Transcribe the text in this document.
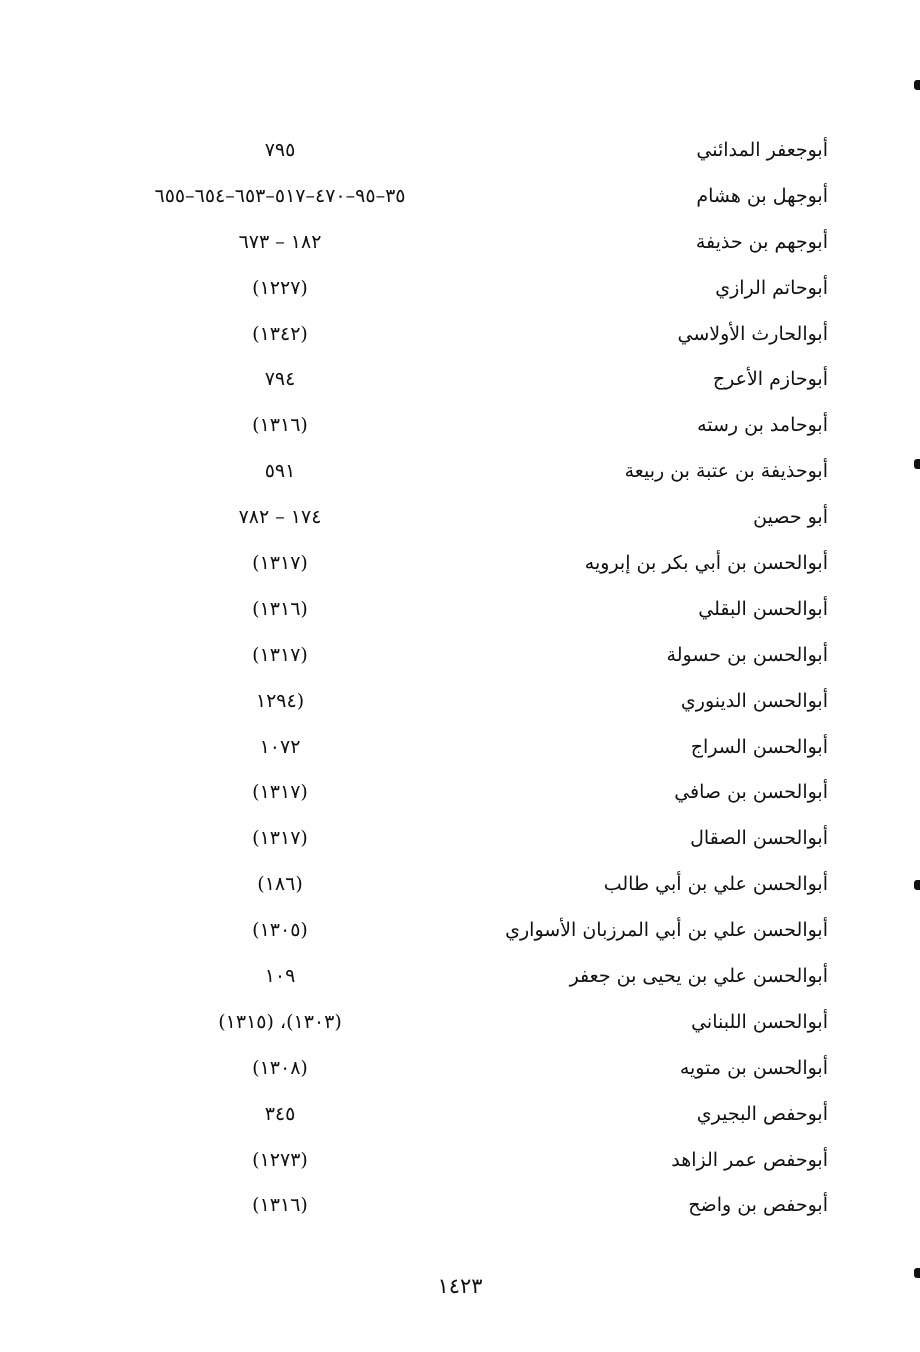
أبوجعفر المدائني
٧٩٥
أبوجهل بن هشام
٣٥–٩٥–٤٧٠–٥١٧–٦٥٣–٦٥٤–٦٥٥
أبوجهم بن حذيفة
١٨٢ – ٦٧٣
أبوحاتم الرازي
(١٢٢٧)
أبوالحارث الأولاسي
(١٣٤٢)
أبوحازم الأعرج
٧٩٤
أبوحامد بن رسته
(١٣١٦)
أبوحذيفة بن عتبة بن ربيعة
٥٩١
أبو حصين
١٧٤ – ٧٨٢
أبوالحسن بن أبي بكر بن إبرويه
(١٣١٧)
أبوالحسن البقلي
(١٣١٦)
أبوالحسن بن حسولة
(١٣١٧)
أبوالحسن الدينوري
(١٢٩٤
أبوالحسن السراج
١٠٧٢
أبوالحسن بن صافي
(١٣١٧)
أبوالحسن الصقال
(١٣١٧)
أبوالحسن علي بن أبي طالب
(١٨٦)
أبوالحسن علي بن أبي المرزبان الأسواري
(١٣٠٥)
أبوالحسن علي بن يحيى بن جعفر
١٠٩
أبوالحسن اللبناني
(١٣٠٣)، (١٣١٥)
أبوالحسن بن متويه
(١٣٠٨)
أبوحفص البجيري
٣٤٥
أبوحفص عمر الزاهد
(١٢٧٣)
أبوحفص بن واضح
(١٣١٦)
١٤٢٣
